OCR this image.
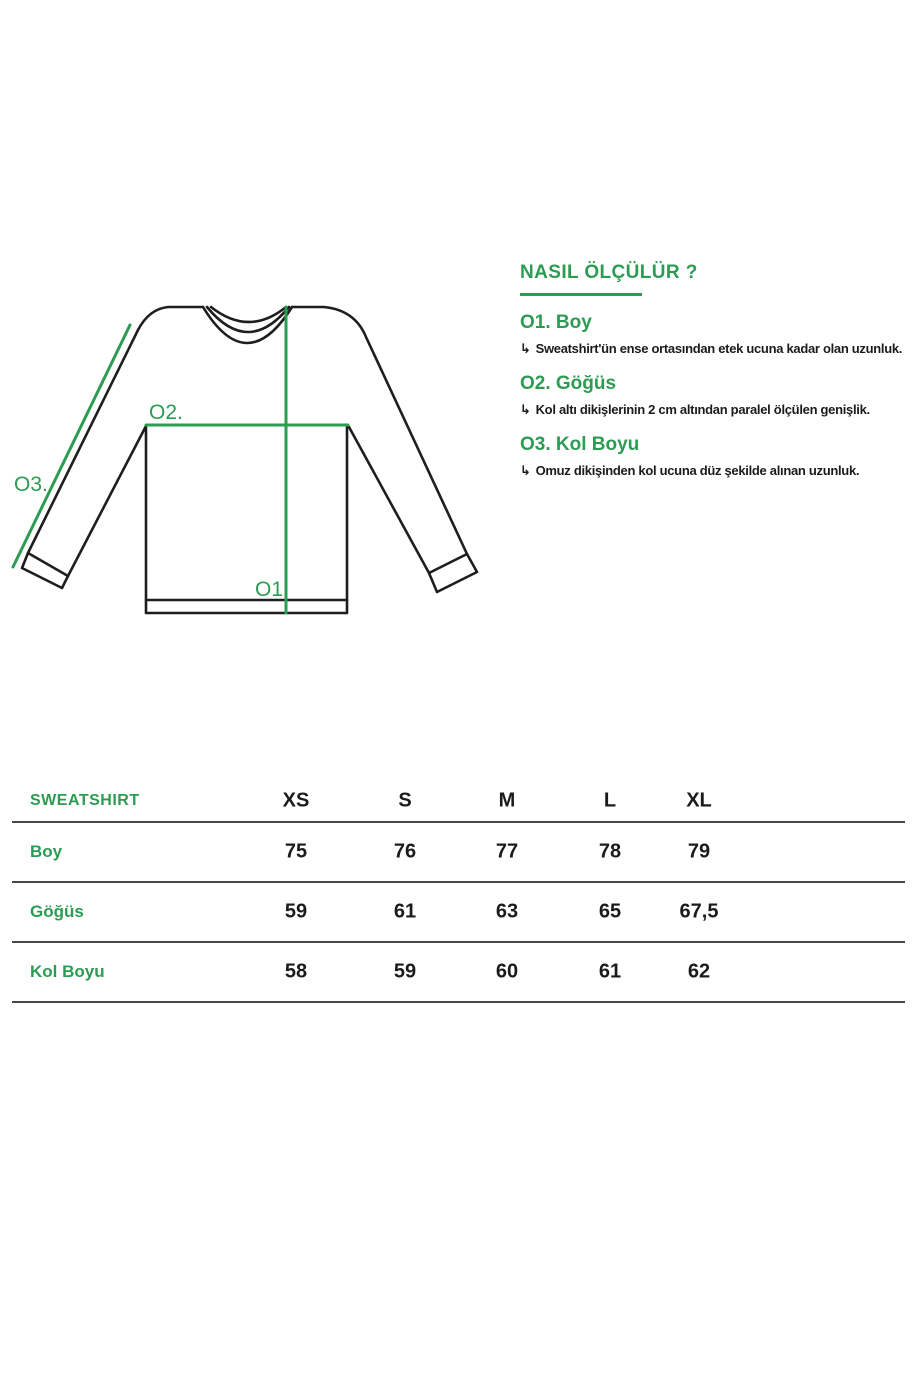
O2.
O3.
O1.
NASIL ÖLÇÜLÜR ?
O1. Boy

↳ Sweatshirt'ün ense ortasından etek ucuna kadar olan uzunluk.

O2. Göğüs

↳ Kol altı dikişlerinin 2 cm altından paralel ölçülen genişlik.

O3. Kol Boyu

↳ Omuz dikişinden kol ucuna düz şekilde alınan uzunluk.

SWEATSHIRT	XS	S	M	L	XL
Boy	75	76	77	78	79
Göğüs	59	61	63	65	67,5
Kol Boyu	58	59	60	61	62
